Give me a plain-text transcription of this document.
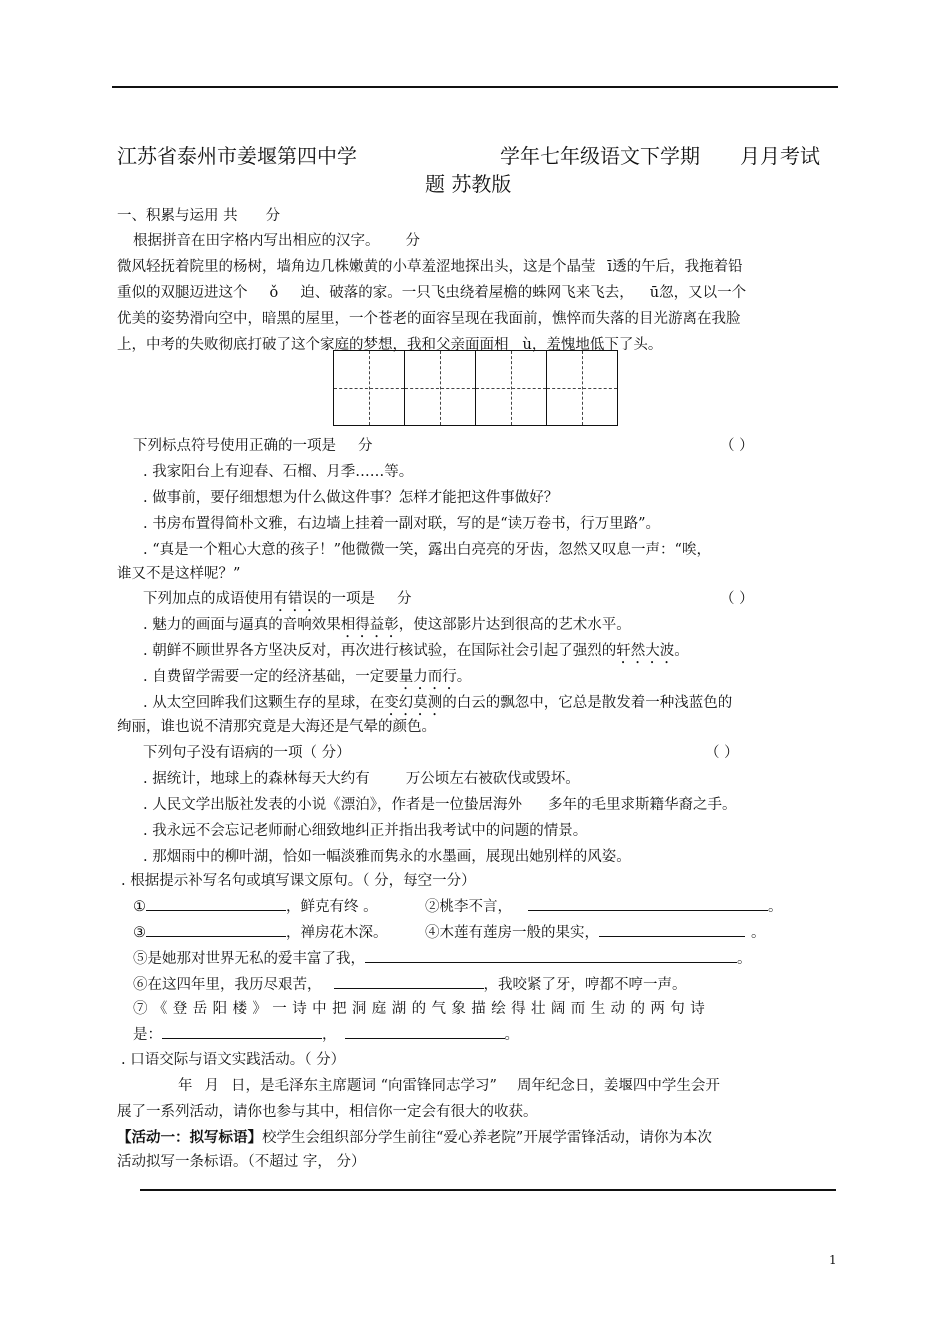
江苏省泰州市姜堰第四中学	学年七年级语文下学期 月月考试
题 苏教版
一、积累与运用 共 分
根据拼音在田字格内写出相应的汉字。 分
微风轻抚着院里的杨树，墙角边几株嫩黄的小草羞涩地探出头，这是个晶莹 ī透的午后，我拖着铅
重似的双腿迈进这个 ǒ 迫、破落的家。一只飞虫绕着屋檐的蛛网飞来飞去， ū忽，又以一个
优美的姿势滑向空中，暗黑的屋里，一个苍老的面容呈现在我面前，憔悴而失落的目光游离在我脸
上，中考的失败彻底打破了这个家庭的梦想，我和父亲面面相 ù，羞愧地低下了头。
下列标点符号使用正确的一项是 分	（ ）
. 我家阳台上有迎春、石榴、月季……等。
. 做事前，要仔细想想为什么做这件事？怎样才能把这件事做好？
. 书房布置得简朴文雅，右边墙上挂着一副对联，写的是“读万卷书，行万里路”。
. “真是一个粗心大意的孩子！”他微微一笑，露出白亮亮的牙齿，忽然又叹息一声：“唉，
谁又不是这样呢？”
下列加点的成语使用有错误的一项是 分	（ ）
. 魅力的画面与逼真的音响效果相得益彰，使这部影片达到很高的艺术水平。
. 朝鲜不顾世界各方坚决反对，再次进行核试验，在国际社会引起了强烈的轩然大波。
. 自费留学需要一定的经济基础，一定要量力而行。
. 从太空回眸我们这颗生存的星球，在变幻莫测的白云的飘忽中，它总是散发着一种浅蓝色的
绚丽，谁也说不清那究竟是大海还是气晕的颜色。
下列句子没有语病的一项（ 分）	（ ）
. 据统计，地球上的森林每天大约有 万公顷左右被砍伐或毁坏。
. 人民文学出版社发表的小说《漂泊》，作者是一位蛰居海外 多年的毛里求斯籍华裔之手。
. 我永远不会忘记老师耐心细致地纠正并指出我考试中的问题的情景。
. 那烟雨中的柳叶湖，恰如一幅淡雅而隽永的水墨画，展现出她别样的风姿。
. 根据提示补写名句或填写课文原句。（ 分，每空一分）
①	，鲜克有终 。	②桃李不言，	。
③	，禅房花木深。	④木莲有莲房一般的果实，	。
⑤是她那对世界无私的爱丰富了我，	。
⑥在这四年里，我历尽艰苦，	，我咬紧了牙，哼都不哼一声。
⑦《登岳阳楼》一诗中把洞庭湖的气象描绘得壮阔而生动的两句诗
是：	，	。
. 口语交际与语文实践活动。（ 分）
年 月 日，是毛泽东主席题词 “向雷锋同志学习” 周年纪念日，姜堰四中学生会开
展了一系列活动，请你也参与其中，相信你一定会有很大的收获。
【活动一：拟写标语】校学生会组织部分学生前往“爱心养老院”开展学雷锋活动，请你为本次
活动拟写一条标语。（不超过 字， 分）
1
